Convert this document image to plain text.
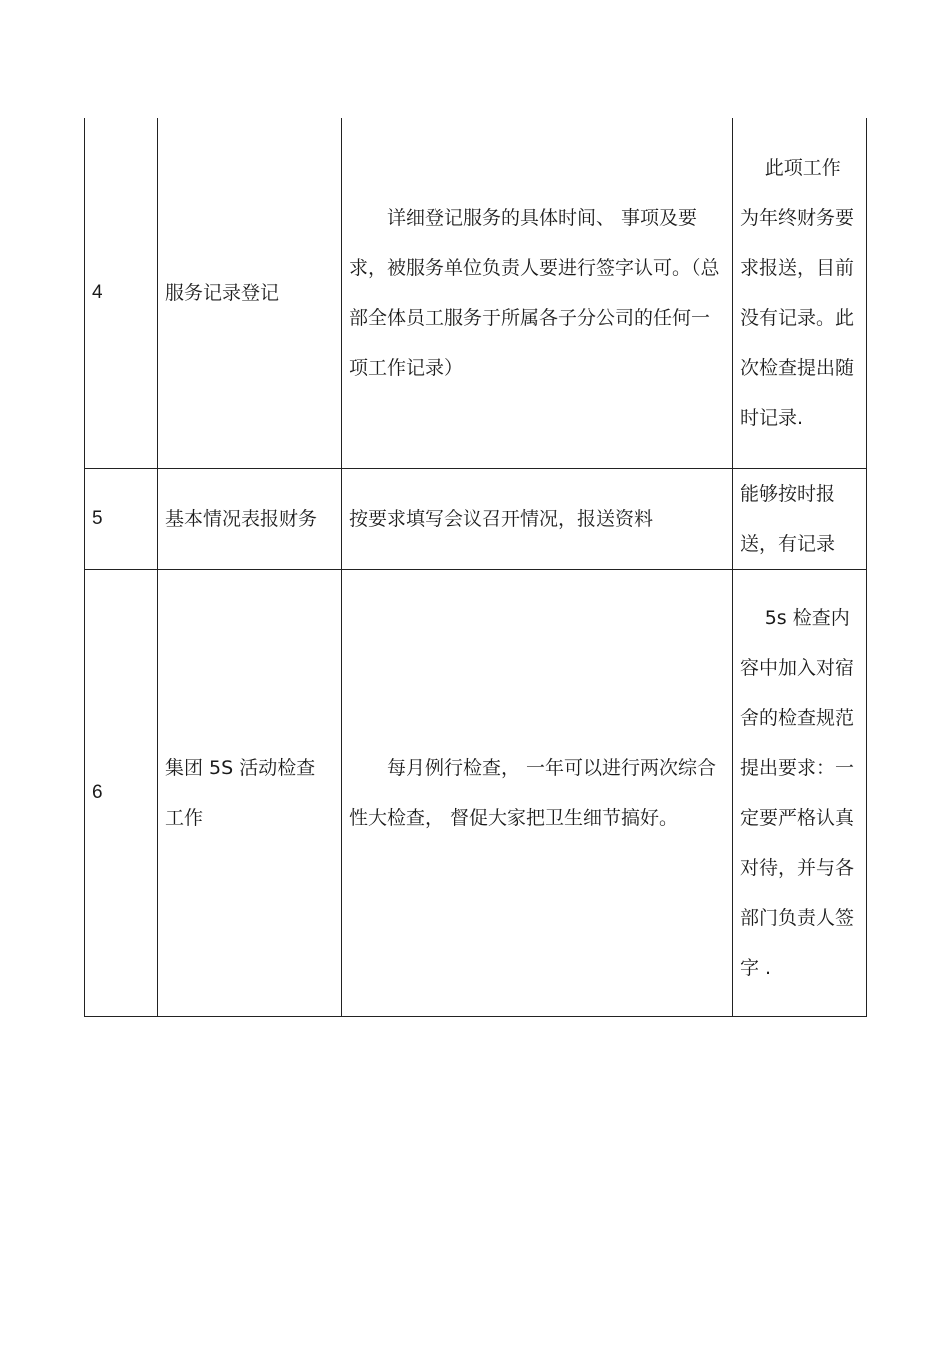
4	服务记录登记	详细登记服务的具体时间、 事项及要求，被服务单位负责人要进行签字认可。（总部全体员工服务于所属各子分公司的任何一项工作记录）	此项工作为年终财务要求报送，目前没有记录。此次检查提出随时记录.
5	基本情况表报财务	按要求填写会议召开情况，报送资料	能够按时报送，有记录
6	集团 5S 活动检查工作	每月例行检查， 一年可以进行两次综合性大检查， 督促大家把卫生细节搞好。	5s 检查内容中加入对宿舍的检查规范提出要求：一定要严格认真对待，并与各部门负责人签字 .
